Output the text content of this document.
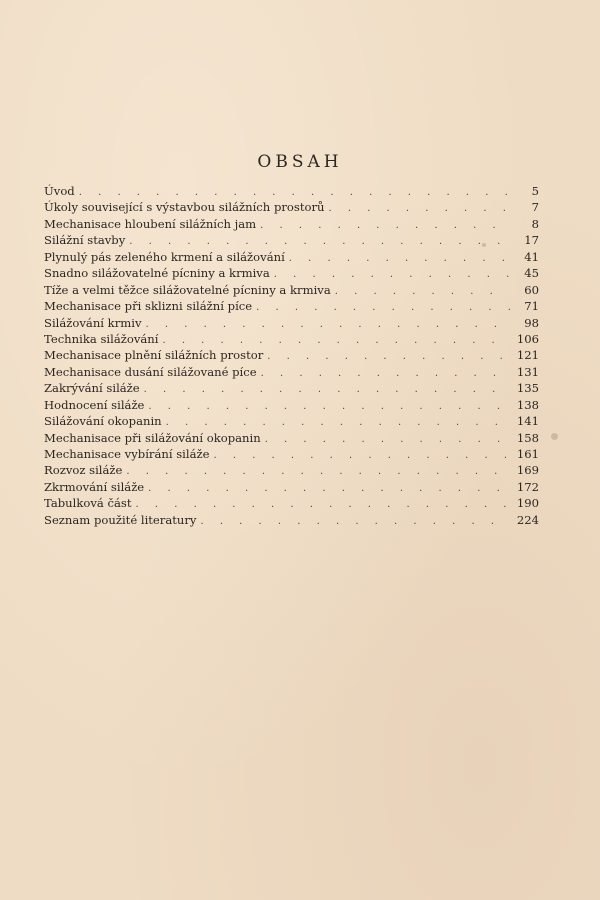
OBSAH
Úvod . . .	5
Úkoly související s výstavbou silážních prostorů . . .	7
Mechanisace hloubení silážních jam . . .	8
Silážní stavby . . .	17
Plynulý pás zeleného krmení a silážování . . .	41
Snadno silážovatelné pícniny a krmiva . . .	45
Tíže a velmi těžce silážovatelné pícniny a krmiva . . .	60
Mechanisace při sklizni silážní píce . . .	71
Silážování krmiv . . .	98
Technika silážování . . .	106
Mechanisace plnění silážních prostor . . .	121
Mechanisace dusání silážované píce . . .	131
Zakrývání siláže . . .	135
Hodnocení siláže . . .	138
Silážování okopanin . . .	141
Mechanisace při silážování okopanin . . .	158
Mechanisace vybírání siláže . . .	161
Rozvoz siláže . . .	169
Zkrmování siláže . . .	172
Tabulková část . . .	190
Seznam použité literatury . . .	224
